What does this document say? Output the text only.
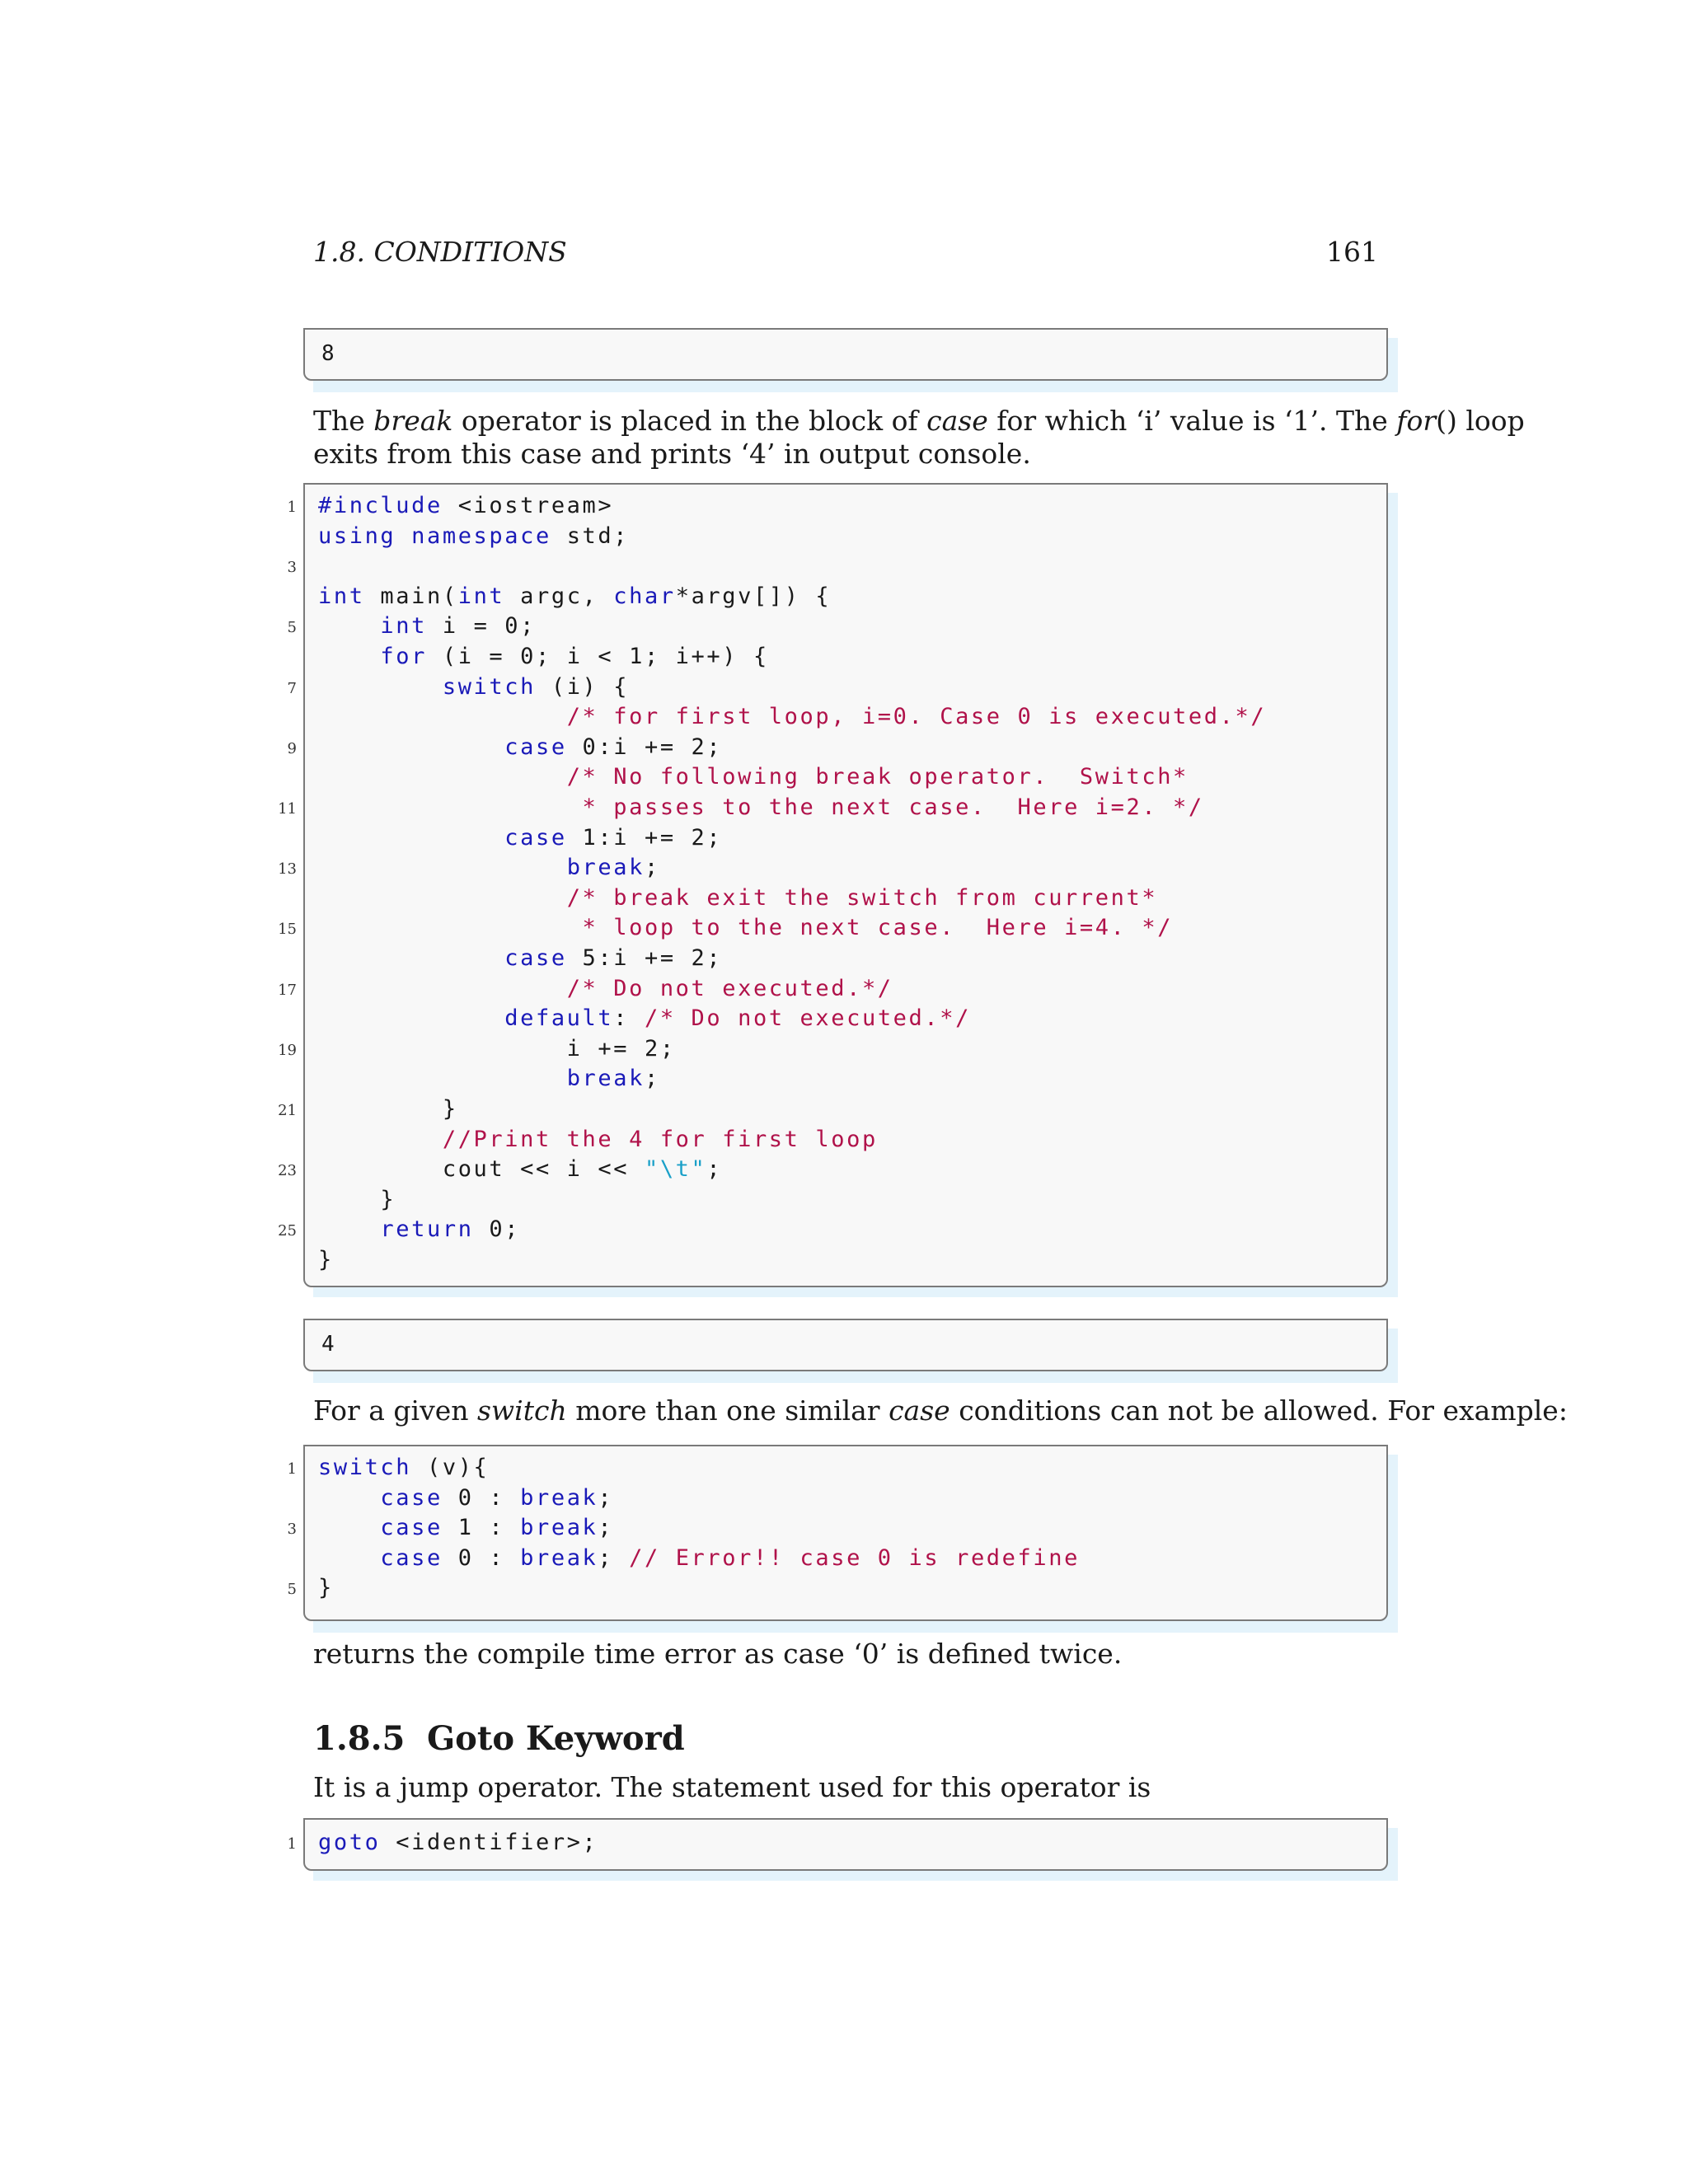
1.8. CONDITIONS	161
8
The break operator is placed in the block of case for which ‘i’ value is ‘1’. The for() loop
exits from this case and prints ‘4’ in output console.
#include <iostream>
using namespace std;
int main(int argc, char*argv[]) {
int i = 0;
for (i = 0; i < 1; i++) {
switch (i) {
/* for first loop, i=0. Case 0 is executed.*/
case 0:i += 2;
/* No following break operator.  Switch*
* passes to the next case.  Here i=2. */
case 1:i += 2;
break;
/* break exit the switch from current*
* loop to the next case.  Here i=4. */
case 5:i += 2;
/* Do not executed.*/
default: /* Do not executed.*/
i += 2;
break;
}
//Print the 4 for first loop
cout << i << "\t";
}
return 0;
}
1
3
5
7
9
11
13
15
17
19
21
23
25
4
For a given switch more than one similar case conditions can not be allowed. For example:
switch (v){
case 0 : break;
case 1 : break;
case 0 : break; // Error!! case 0 is redefine
}
1
3
5
returns the compile time error as case ‘0’ is defined twice.
1.8.5 Goto Keyword
It is a jump operator. The statement used for this operator is
goto <identifier>;
1
